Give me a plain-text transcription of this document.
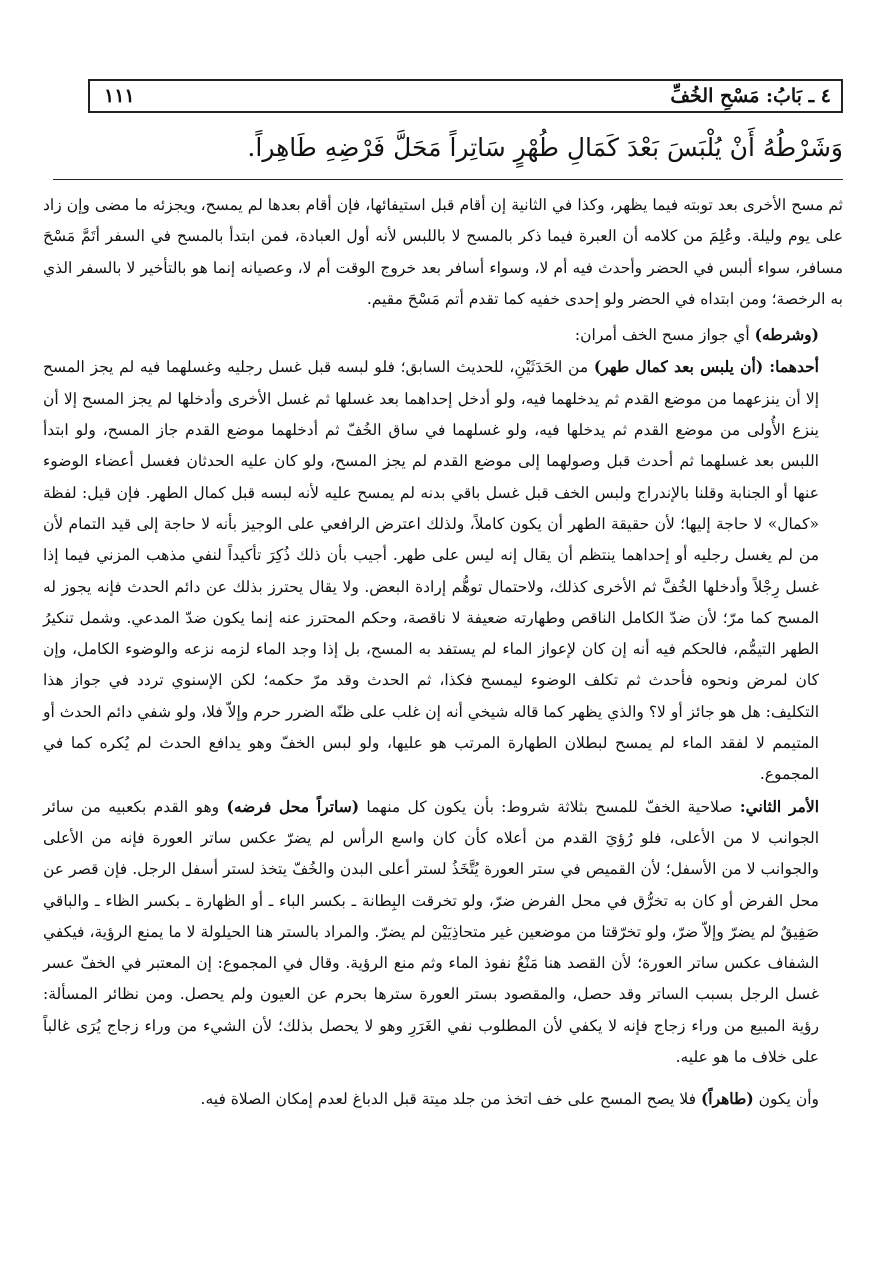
٤ ـ بَابُ: مَسْحِ الخُفِّ
١١١
وَشَرْطُهُ أَنْ يُلْبَسَ بَعْدَ كَمَالِ طُهْرٍ سَاتِراً مَحَلَّ فَرْضِهِ طَاهِراً.

ثم مسح الأخرى بعد توبته فيما يظهر، وكذا في الثانية إن أقام قبل استيفائها، فإن أقام بعدها لم يمسح، ويجزئه ما مضى وإن زاد على يوم وليلة. وعُلِمَ من كلامه أن العبرة فيما ذكر بالمسح لا باللبس لأنه أول العبادة، فمن ابتدأ بالمسح في السفر أتَمَّ مَسْحَ مسافر، سواء ألبس في الحضر وأحدث فيه أم لا، وسواء أسافر بعد خروج الوقت أم لا، وعصيانه إنما هو بالتأخير لا بالسفر الذي به الرخصة؛ ومن ابتداه في الحضر ولو إحدى خفيه كما تقدم أتم مَسْحَ مقيم.

(وشرطه) أي جواز مسح الخف أمران:

أحدهما: (أن يلبس بعد كمال طهر) من الحَدَثَيْنِ، للحديث السابق؛ فلو لبسه قبل غسل رجليه وغسلهما فيه لم يجز المسح إلا أن ينزعهما من موضع القدم ثم يدخلهما فيه، ولو أدخل إحداهما بعد غسلها ثم غسل الأخرى وأدخلها لم يجز المسح إلا أن ينزع الأُولى من موضع القدم ثم يدخلها فيه، ولو غسلهما في ساق الخُفّ ثم أدخلهما موضع القدم جاز المسح، ولو ابتدأ اللبس بعد غسلهما ثم أحدث قبل وصولهما إلى موضع القدم لم يجز المسح، ولو كان عليه الحدثان فغسل أعضاء الوضوء عنها أو الجنابة وقلنا بالإندراج ولبس الخف قبل غسل باقي بدنه لم يمسح عليه لأنه لبسه قبل كمال الطهر. فإن قيل: لفظة «كمال» لا حاجة إليها؛ لأن حقيقة الطهر أن يكون كاملاً، ولذلك اعترض الرافعي على الوجيز بأنه لا حاجة إلى قيد التمام لأن من لم يغسل رجليه أو إحداهما ينتظم أن يقال إنه ليس على طهر. أجيب بأن ذلك ذُكِرَ تأكيداً لنفي مذهب المزني فيما إذا غسل رِجْلاً وأدخلها الخُفَّ ثم الأخرى كذلك، ولاحتمال توهُّم إرادة البعض. ولا يقال يحترز بذلك عن دائم الحدث فإنه يجوز له المسح كما مرّ؛ لأن ضدّ الكامل الناقص وطهارته ضعيفة لا ناقصة، وحكم المحترز عنه إنما يكون ضدّ المدعي. وشمل تنكيرُ الطهر التيمُّم، فالحكم فيه أنه إن كان لإعواز الماء لم يستفد به المسح، بل إذا وجد الماء لزمه نزعه والوضوء الكامل، وإن كان لمرض ونحوه فأحدث ثم تكلف الوضوء ليمسح فكذا، ثم الحدث وقد مرّ حكمه؛ لكن الإسنوي تردد في جواز هذا التكليف: هل هو جائز أو لا؟ والذي يظهر كما قاله شيخي أنه إن غلب على ظنّه الضرر حرم وإلاّ فلا، ولو شفي دائم الحدث أو المتيمم لا لفقد الماء لم يمسح لبطلان الطهارة المرتب هو عليها، ولو لبس الخفّ وهو يدافع الحدث لم يُكره كما في المجموع.

الأمر الثاني: صلاحية الخفّ للمسح بثلاثة شروط: بأن يكون كل منهما (ساتراً محل فرضه) وهو القدم بكعبيه من سائر الجوانب لا من الأعلى، فلو رُؤيَ القدم من أعلاه كأن كان واسع الرأس لم يضرّ عكس ساتر العورة فإنه من الأعلى والجوانب لا من الأسفل؛ لأن القميص في ستر العورة يُتَّخَذُ لستر أعلى البدن والخُفّ يتخذ لستر أسفل الرجل. فإن قصر عن محل الفرض أو كان به تخرُّق في محل الفرض ضرّ، ولو تخرقت البِطانة ـ بكسر الباء ـ أو الظهارة ـ بكسر الظاء ـ والباقي صَفِيقٌ لم يضرّ وإلاّ ضرّ، ولو تخرّقتا من موضعين غير متحاذِيَيْن لم يضرّ. والمراد بالستر هنا الحيلولة لا ما يمنع الرؤية، فيكفي الشفاف عكس ساتر العورة؛ لأن القصد هنا مَنْعُ نفوذ الماء وثم منع الرؤية. وقال في المجموع: إن المعتبر في الخفّ عسر غسل الرجل بسبب الساتر وقد حصل، والمقصود بستر العورة سترها بحرم عن العيون ولم يحصل. ومن نظائر المسألة: رؤية المبيع من وراء زجاج فإنه لا يكفي لأن المطلوب نفي الغَرَرِ وهو لا يحصل بذلك؛ لأن الشيء من وراء زجاج يُرَى غالباً على خلاف ما هو عليه.

وأن يكون (طاهراً) فلا يصح المسح على خف اتخذ من جلد ميتة قبل الدباغ لعدم إمكان الصلاة فيه.
